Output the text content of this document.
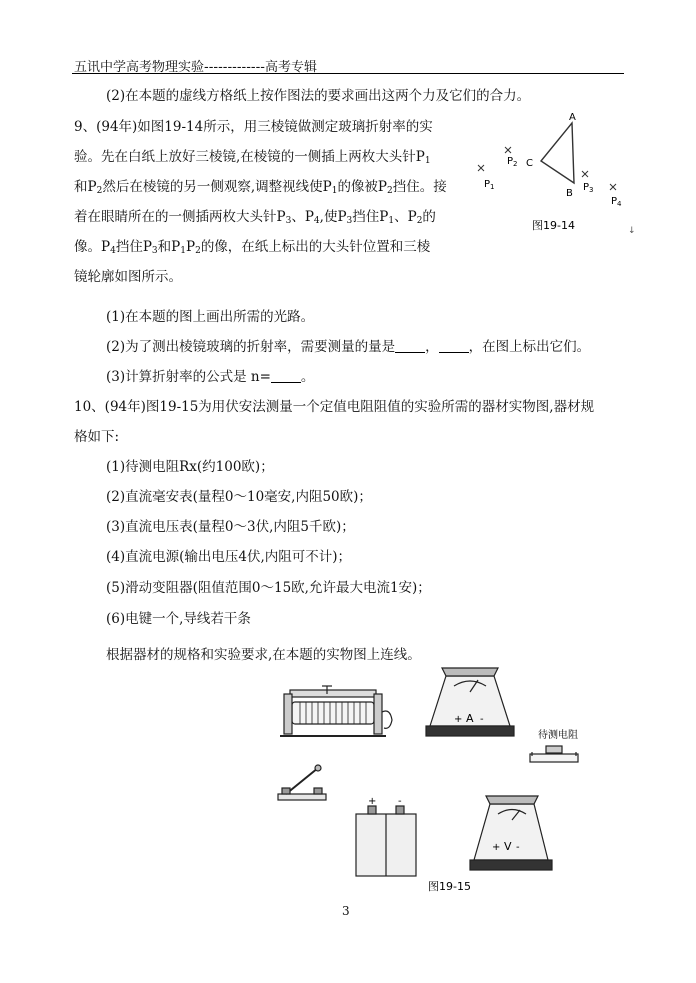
五讯中学高考物理实验-------------高考专辑
(2)在本题的虚线方格纸上按作图法的要求画出这两个力及它们的合力。
9、(94年)如图19-14所示，用三棱镜做测定玻璃折射率的实
验。先在白纸上放好三棱镜,在棱镜的一侧插上两枚大头针$P_1$
和$P_2$然后在棱镜的另一侧观察,调整视线使$P_1$的像被$P_2$挡住。接
着在眼睛所在的一侧插两枚大头针$P_3$、$P_4$,使$P_3$挡住$P_1$、$P_2$的
像。$P_4$挡住$P_3$和$P_1P_2$的像，在纸上标出的大头针位置和三棱
镜轮廓如图所示。
(1)在本题的图上画出所需的光路。
(2)为了测出棱镜玻璃的折射率，需要测量的量是 ， ，在图上标出它们。
(3)计算折射率的公式是 n= 。
10、(94年)图19-15为用伏安法测量一个定值电阻阻值的实验所需的器材实物图,器材规
格如下:
(1)待测电阻Rx(约100欧)；
(2)直流毫安表(量程0～10毫安,内阻50欧)；
(3)直流电压表(量程0～3伏,内阻5千欧)；
(4)直流电源(输出电压4伏,内阻可不计)；
(5)滑动变阻器(阻值范围0～15欧,允许最大电流1安)；
(6)电键一个,导线若干条
根据器材的规格和实验要求,在本题的实物图上连线。
A
C
B
$P_1$
$P_2$
$P_3$
$P_4$
图19-14	↓
+ A -
待测电阻
+ -
+ V -
图19-15
3
